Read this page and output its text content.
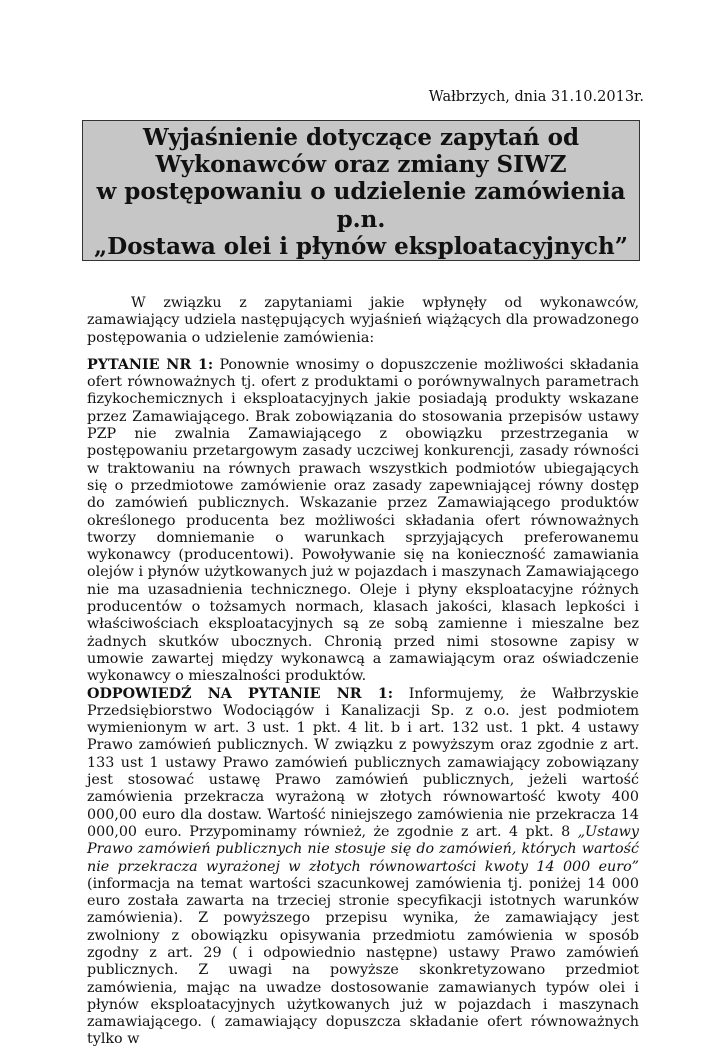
Wałbrzych, dnia 31.10.2013r.
Wyjaśnienie dotyczące zapytań od
Wykonawców oraz zmiany SIWZ
w postępowaniu o udzielenie zamówienia
p.n.
„Dostawa olei i płynów eksploatacyjnych”

W związku z zapytaniami jakie wpłynęły od wykonawców, zamawiający udziela następujących wyjaśnień wiążących dla prowadzonego postępowania o udzielenie zamówienia:

PYTANIE NR 1: Ponownie wnosimy o dopuszczenie możliwości składania ofert równoważnych tj. ofert z produktami o porównywalnych parametrach fizykochemicznych i eksploatacyjnych jakie posiadają produkty wskazane przez Zamawiającego. Brak zobowiązania do stosowania przepisów ustawy PZP nie zwalnia Zamawiającego z obowiązku przestrzegania w postępowaniu przetargowym zasady uczciwej konkurencji, zasady równości w traktowaniu na równych prawach wszystkich podmiotów ubiegających się o przedmiotowe zamówienie oraz zasady zapewniającej równy dostęp do zamówień publicznych. Wskazanie przez Zamawiającego produktów określonego producenta bez możliwości składania ofert równoważnych tworzy domniemanie o warunkach sprzyjających preferowanemu wykonawcy (producentowi). Powoływanie się na konieczność zamawiania olejów i płynów użytkowanych już w pojazdach i maszynach Zamawiającego nie ma uzasadnienia technicznego. Oleje i płyny eksploatacyjne różnych producentów o tożsamych normach, klasach jakości, klasach lepkości i właściwościach eksploatacyjnych są ze sobą zamienne i mieszalne bez żadnych skutków ubocznych. Chronią przed nimi stosowne zapisy w umowie zawartej między wykonawcą a zamawiającym oraz oświadczenie wykonawcy o mieszalności produktów.

ODPOWIEDŹ NA PYTANIE NR 1: Informujemy, że Wałbrzyskie Przedsiębiorstwo Wodociągów i Kanalizacji Sp. z o.o. jest podmiotem wymienionym w art. 3 ust. 1 pkt. 4 lit. b i art. 132 ust. 1 pkt. 4 ustawy Prawo zamówień publicznych. W związku z powyższym oraz zgodnie z art. 133 ust 1 ustawy Prawo zamówień publicznych zamawiający zobowiązany jest stosować ustawę Prawo zamówień publicznych, jeżeli wartość zamówienia przekracza wyrażoną w złotych równowartość kwoty 400 000,00 euro dla dostaw. Wartość niniejszego zamówienia nie przekracza 14 000,00 euro. Przypominamy również, że zgodnie z art. 4 pkt. 8 „Ustawy Prawo zamówień publicznych nie stosuje się do zamówień, których wartość nie przekracza wyrażonej w złotych równowartości kwoty 14 000 euro” (informacja na temat wartości szacunkowej zamówienia tj. poniżej 14 000 euro została zawarta na trzeciej stronie specyfikacji istotnych warunków zamówienia). Z powyższego przepisu wynika, że zamawiający jest zwolniony z obowiązku opisywania przedmiotu zamówienia w sposób zgodny z art. 29 ( i odpowiednio następne) ustawy Prawo zamówień publicznych. Z uwagi na powyższe skonkretyzowano przedmiot zamówienia, mając na uwadze dostosowanie zamawianych typów olei i płynów eksploatacyjnych użytkowanych już w pojazdach i maszynach zamawiającego. ( zamawiający dopuszcza składanie ofert równoważnych tylko w
